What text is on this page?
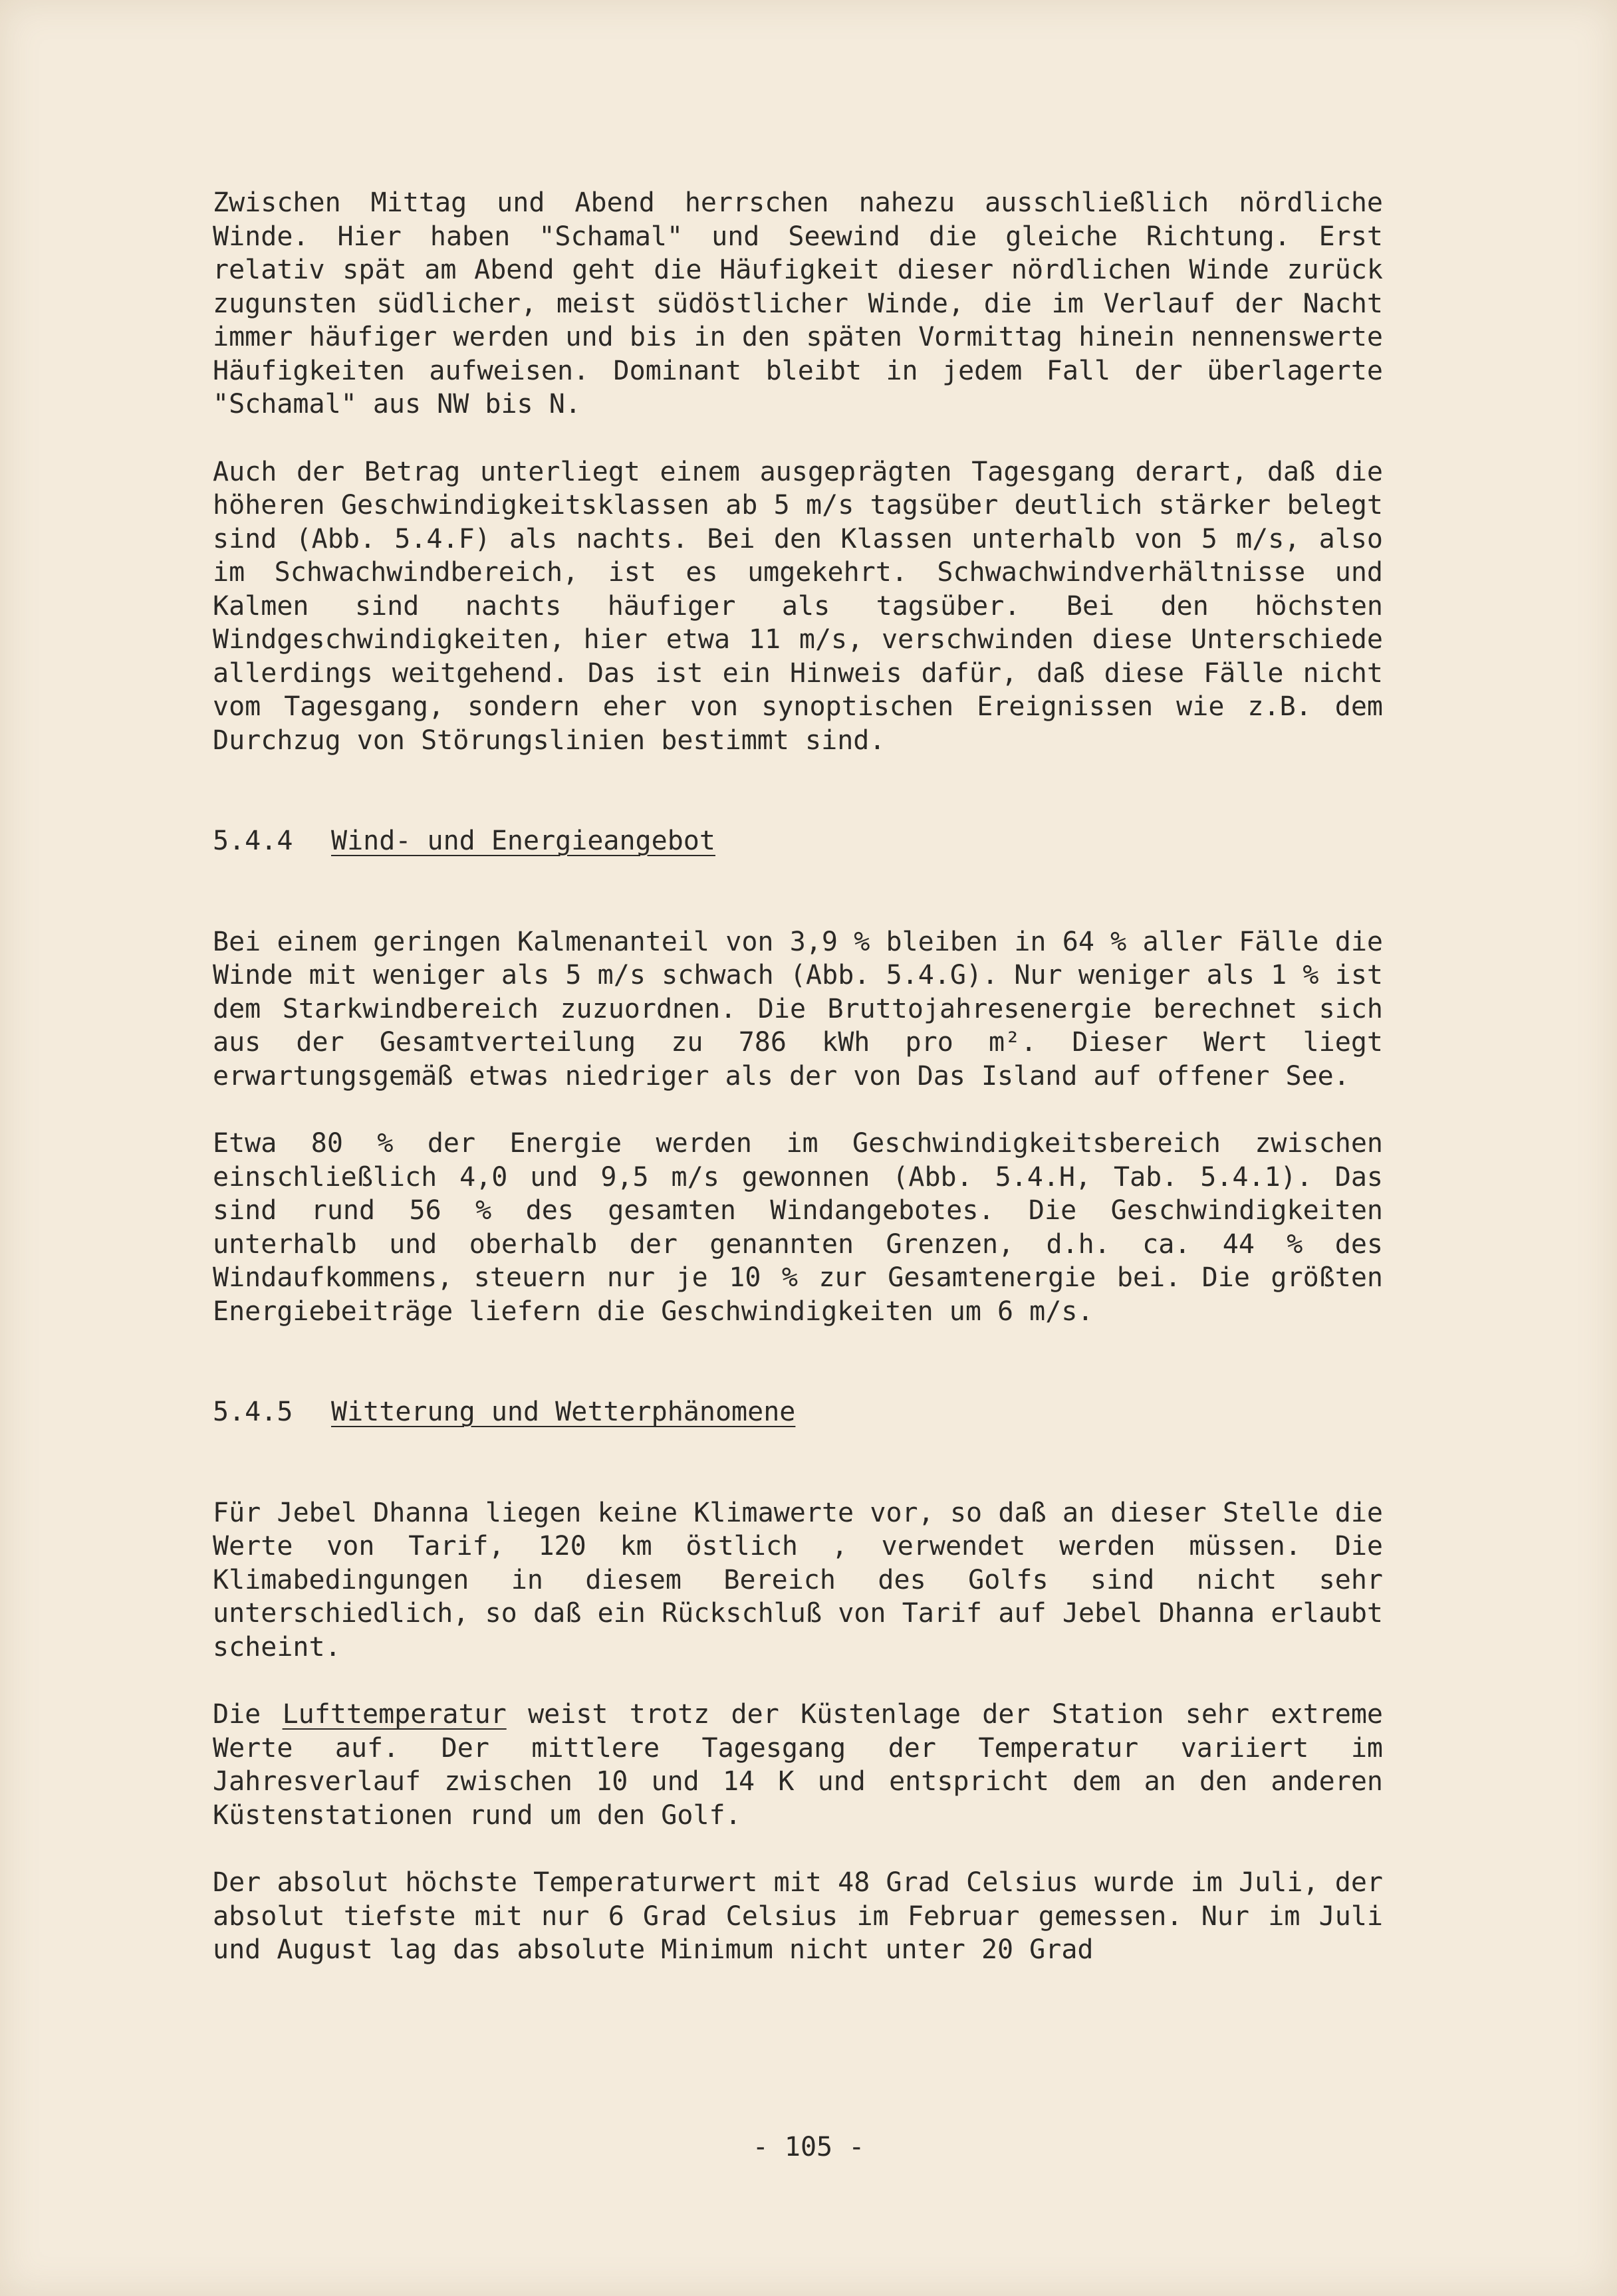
Zwischen Mittag und Abend herrschen nahezu ausschließlich nördliche Winde. Hier haben "Schamal" und Seewind die gleiche Richtung. Erst relativ spät am Abend geht die Häufigkeit dieser nördlichen Winde zurück zugunsten südlicher, meist südöstlicher Winde, die im Verlauf der Nacht immer häufiger werden und bis in den späten Vormittag hinein nennenswerte Häufigkeiten aufweisen. Dominant bleibt in jedem Fall der überlagerte "Schamal" aus NW bis N.

Auch der Betrag unterliegt einem ausgeprägten Tagesgang derart, daß die höheren Geschwindigkeitsklassen ab 5 m/s tagsüber deutlich stärker belegt sind (Abb. 5.4.F) als nachts. Bei den Klassen unterhalb von 5 m/s, also im Schwachwindbereich, ist es umgekehrt. Schwachwindverhältnisse und Kalmen sind nachts häufiger als tagsüber. Bei den höchsten Windgeschwindigkeiten, hier etwa 11 m/s, verschwinden diese Unterschiede allerdings weitgehend. Das ist ein Hinweis dafür, daß diese Fälle nicht vom Tagesgang, sondern eher von synoptischen Ereignissen wie z.B. dem Durchzug von Störungslinien bestimmt sind.

5.4.4 Wind- und Energieangebot

Bei einem geringen Kalmenanteil von 3,9 % bleiben in 64 % aller Fälle die Winde mit weniger als 5 m/s schwach (Abb. 5.4.G). Nur weniger als 1 % ist dem Starkwindbereich zuzuordnen. Die Bruttojahresenergie berechnet sich aus der Gesamtverteilung zu 786 kWh pro m². Dieser Wert liegt erwartungsgemäß etwas niedriger als der von Das Island auf offener See.

Etwa 80 % der Energie werden im Geschwindigkeitsbereich zwischen einschließlich 4,0 und 9,5 m/s gewonnen (Abb. 5.4.H, Tab. 5.4.1). Das sind rund 56 % des gesamten Windangebotes. Die Geschwindigkeiten unterhalb und oberhalb der genannten Grenzen, d.h. ca. 44 % des Windaufkommens, steuern nur je 10 % zur Gesamtenergie bei. Die größten Energiebeiträge liefern die Geschwindigkeiten um 6 m/s.

5.4.5 Witterung und Wetterphänomene

Für Jebel Dhanna liegen keine Klimawerte vor, so daß an dieser Stelle die Werte von Tarif, 120 km östlich , verwendet werden müssen. Die Klimabedingungen in diesem Bereich des Golfs sind nicht sehr unterschiedlich, so daß ein Rückschluß von Tarif auf Jebel Dhanna erlaubt scheint.

Die Lufttemperatur weist trotz der Küstenlage der Station sehr extreme Werte auf. Der mittlere Tagesgang der Temperatur variiert im Jahresverlauf zwischen 10 und 14 K und entspricht dem an den anderen Küstenstationen rund um den Golf.

Der absolut höchste Temperaturwert mit 48 Grad Celsius wurde im Juli, der absolut tiefste mit nur 6 Grad Celsius im Februar gemessen. Nur im Juli und August lag das absolute Minimum nicht unter 20 Grad

- 105 -
